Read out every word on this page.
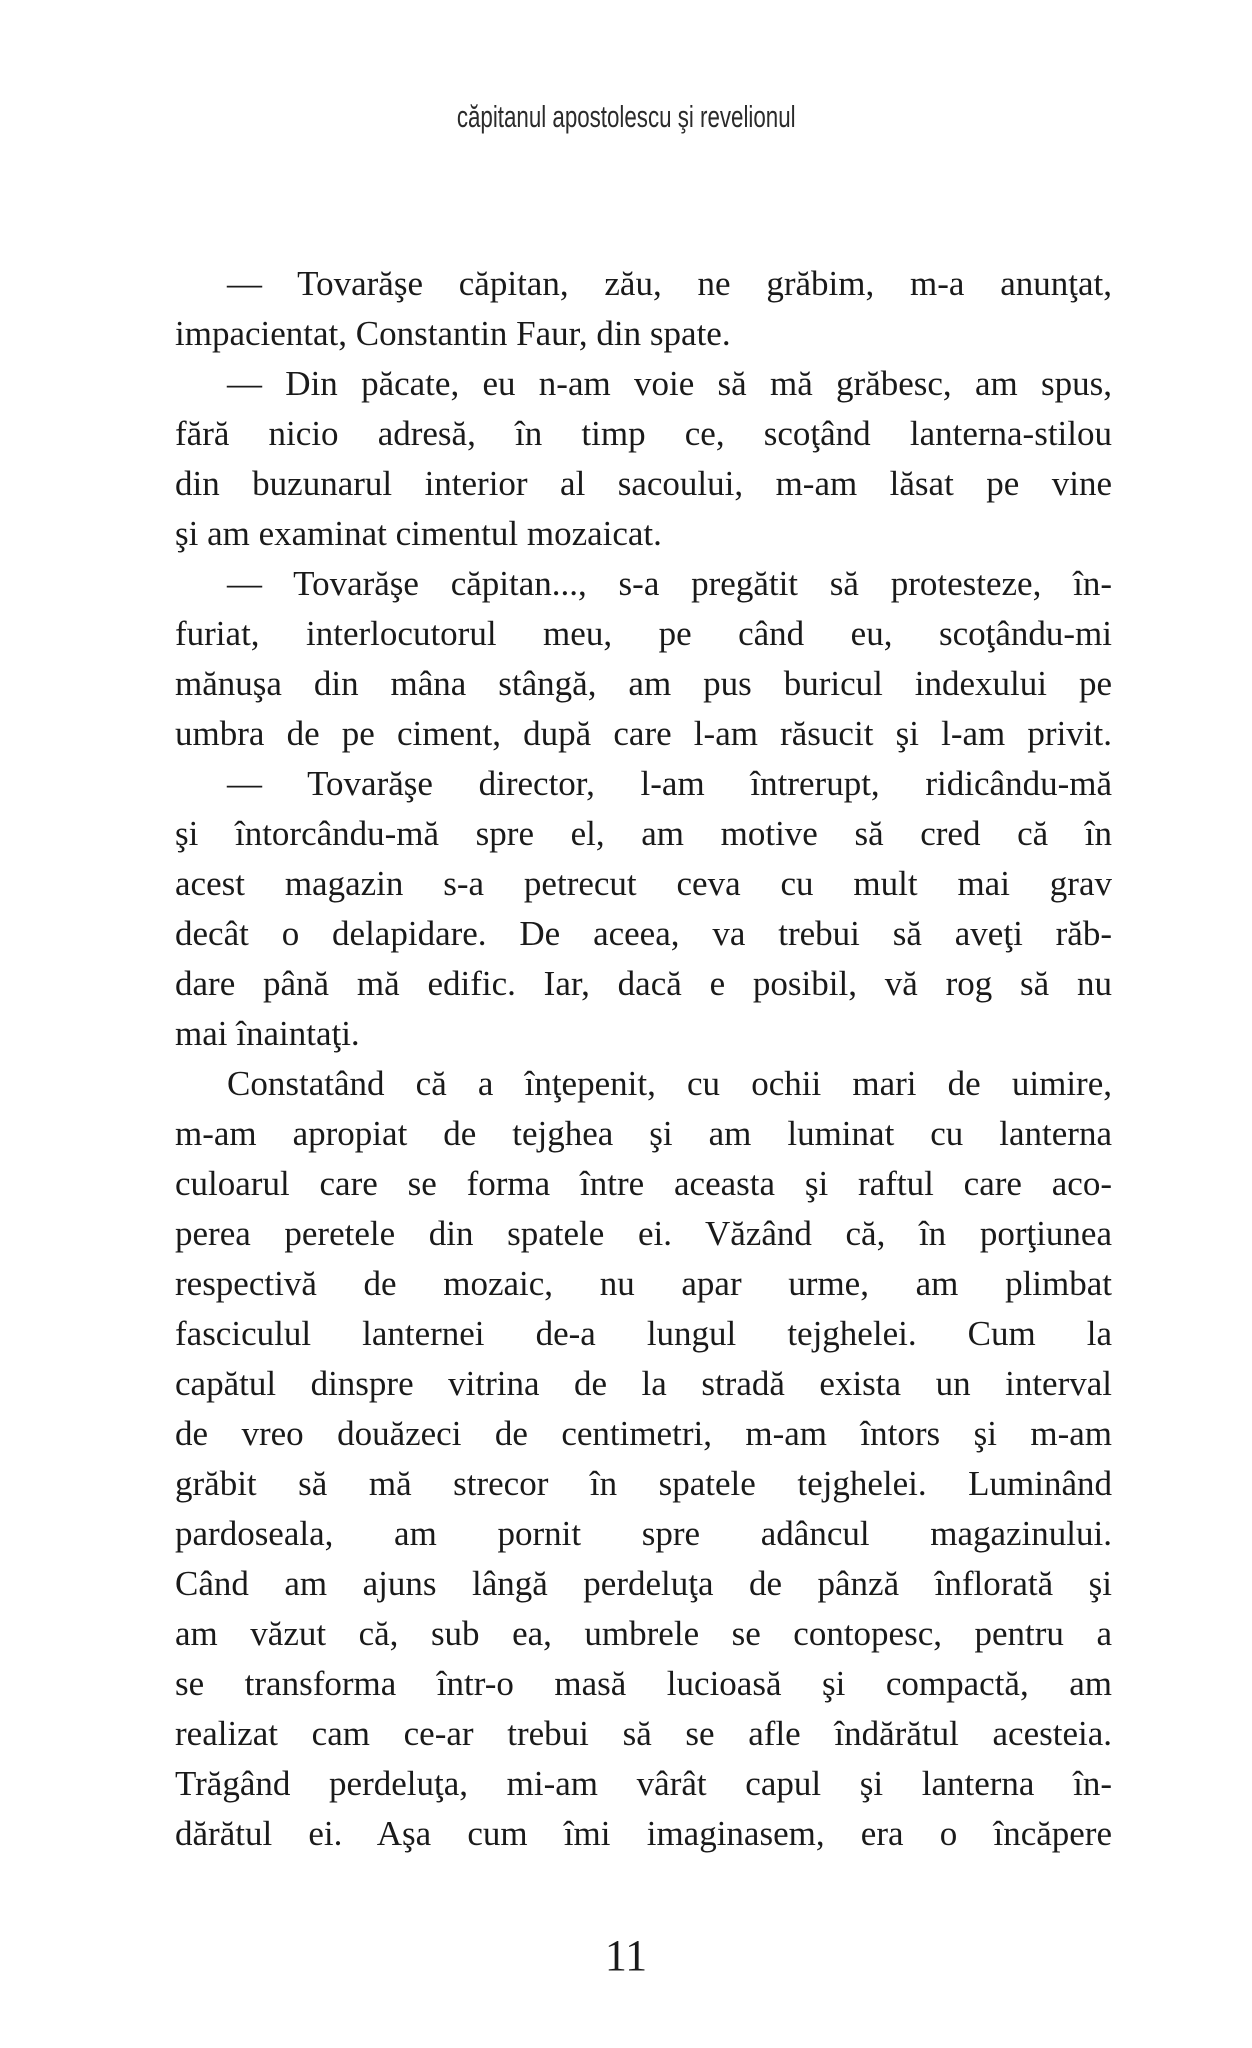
căpitanul apostolescu şi revelionul
— Tovarăşe căpitan, zău, ne grăbim, m-a anunţat,
impacientat, Constantin Faur, din spate.
— Din păcate, eu n-am voie să mă grăbesc, am spus,
fără nicio adresă, în timp ce, scoţând lanterna-stilou
din buzunarul interior al sacoului, m-am lăsat pe vine
şi am examinat cimentul mozaicat.
— Tovarăşe căpitan..., s-a pregătit să protesteze, în-
furiat, interlocutorul meu, pe când eu, scoţându-mi
mănuşa din mâna stângă, am pus buricul indexului pe
umbra de pe ciment, după care l-am răsucit şi l-am privit.
— Tovarăşe director, l-am întrerupt, ridicându-mă
şi întorcându-mă spre el, am motive să cred că în
acest magazin s-a petrecut ceva cu mult mai grav
decât o delapidare. De aceea, va trebui să aveţi răb-
dare până mă edific. Iar, dacă e posibil, vă rog să nu
mai înaintaţi.
Constatând că a înţepenit, cu ochii mari de uimire,
m-am apropiat de tejghea şi am luminat cu lanterna
culoarul care se forma între aceasta şi raftul care aco-
perea peretele din spatele ei. Văzând că, în porţiunea
respectivă de mozaic, nu apar urme, am plimbat
fasciculul lanternei de-a lungul tejghelei. Cum la
capătul dinspre vitrina de la stradă exista un interval
de vreo douăzeci de centimetri, m-am întors şi m-am
grăbit să mă strecor în spatele tejghelei. Luminând
pardoseala, am pornit spre adâncul magazinului.
Când am ajuns lângă perdeluţa de pânză înflorată şi
am văzut că, sub ea, umbrele se contopesc, pentru a
se transforma într-o masă lucioasă şi compactă, am
realizat cam ce-ar trebui să se afle îndărătul acesteia.
Trăgând perdeluţa, mi-am vârât capul şi lanterna în-
dărătul ei. Aşa cum îmi imaginasem, era o încăpere
11
